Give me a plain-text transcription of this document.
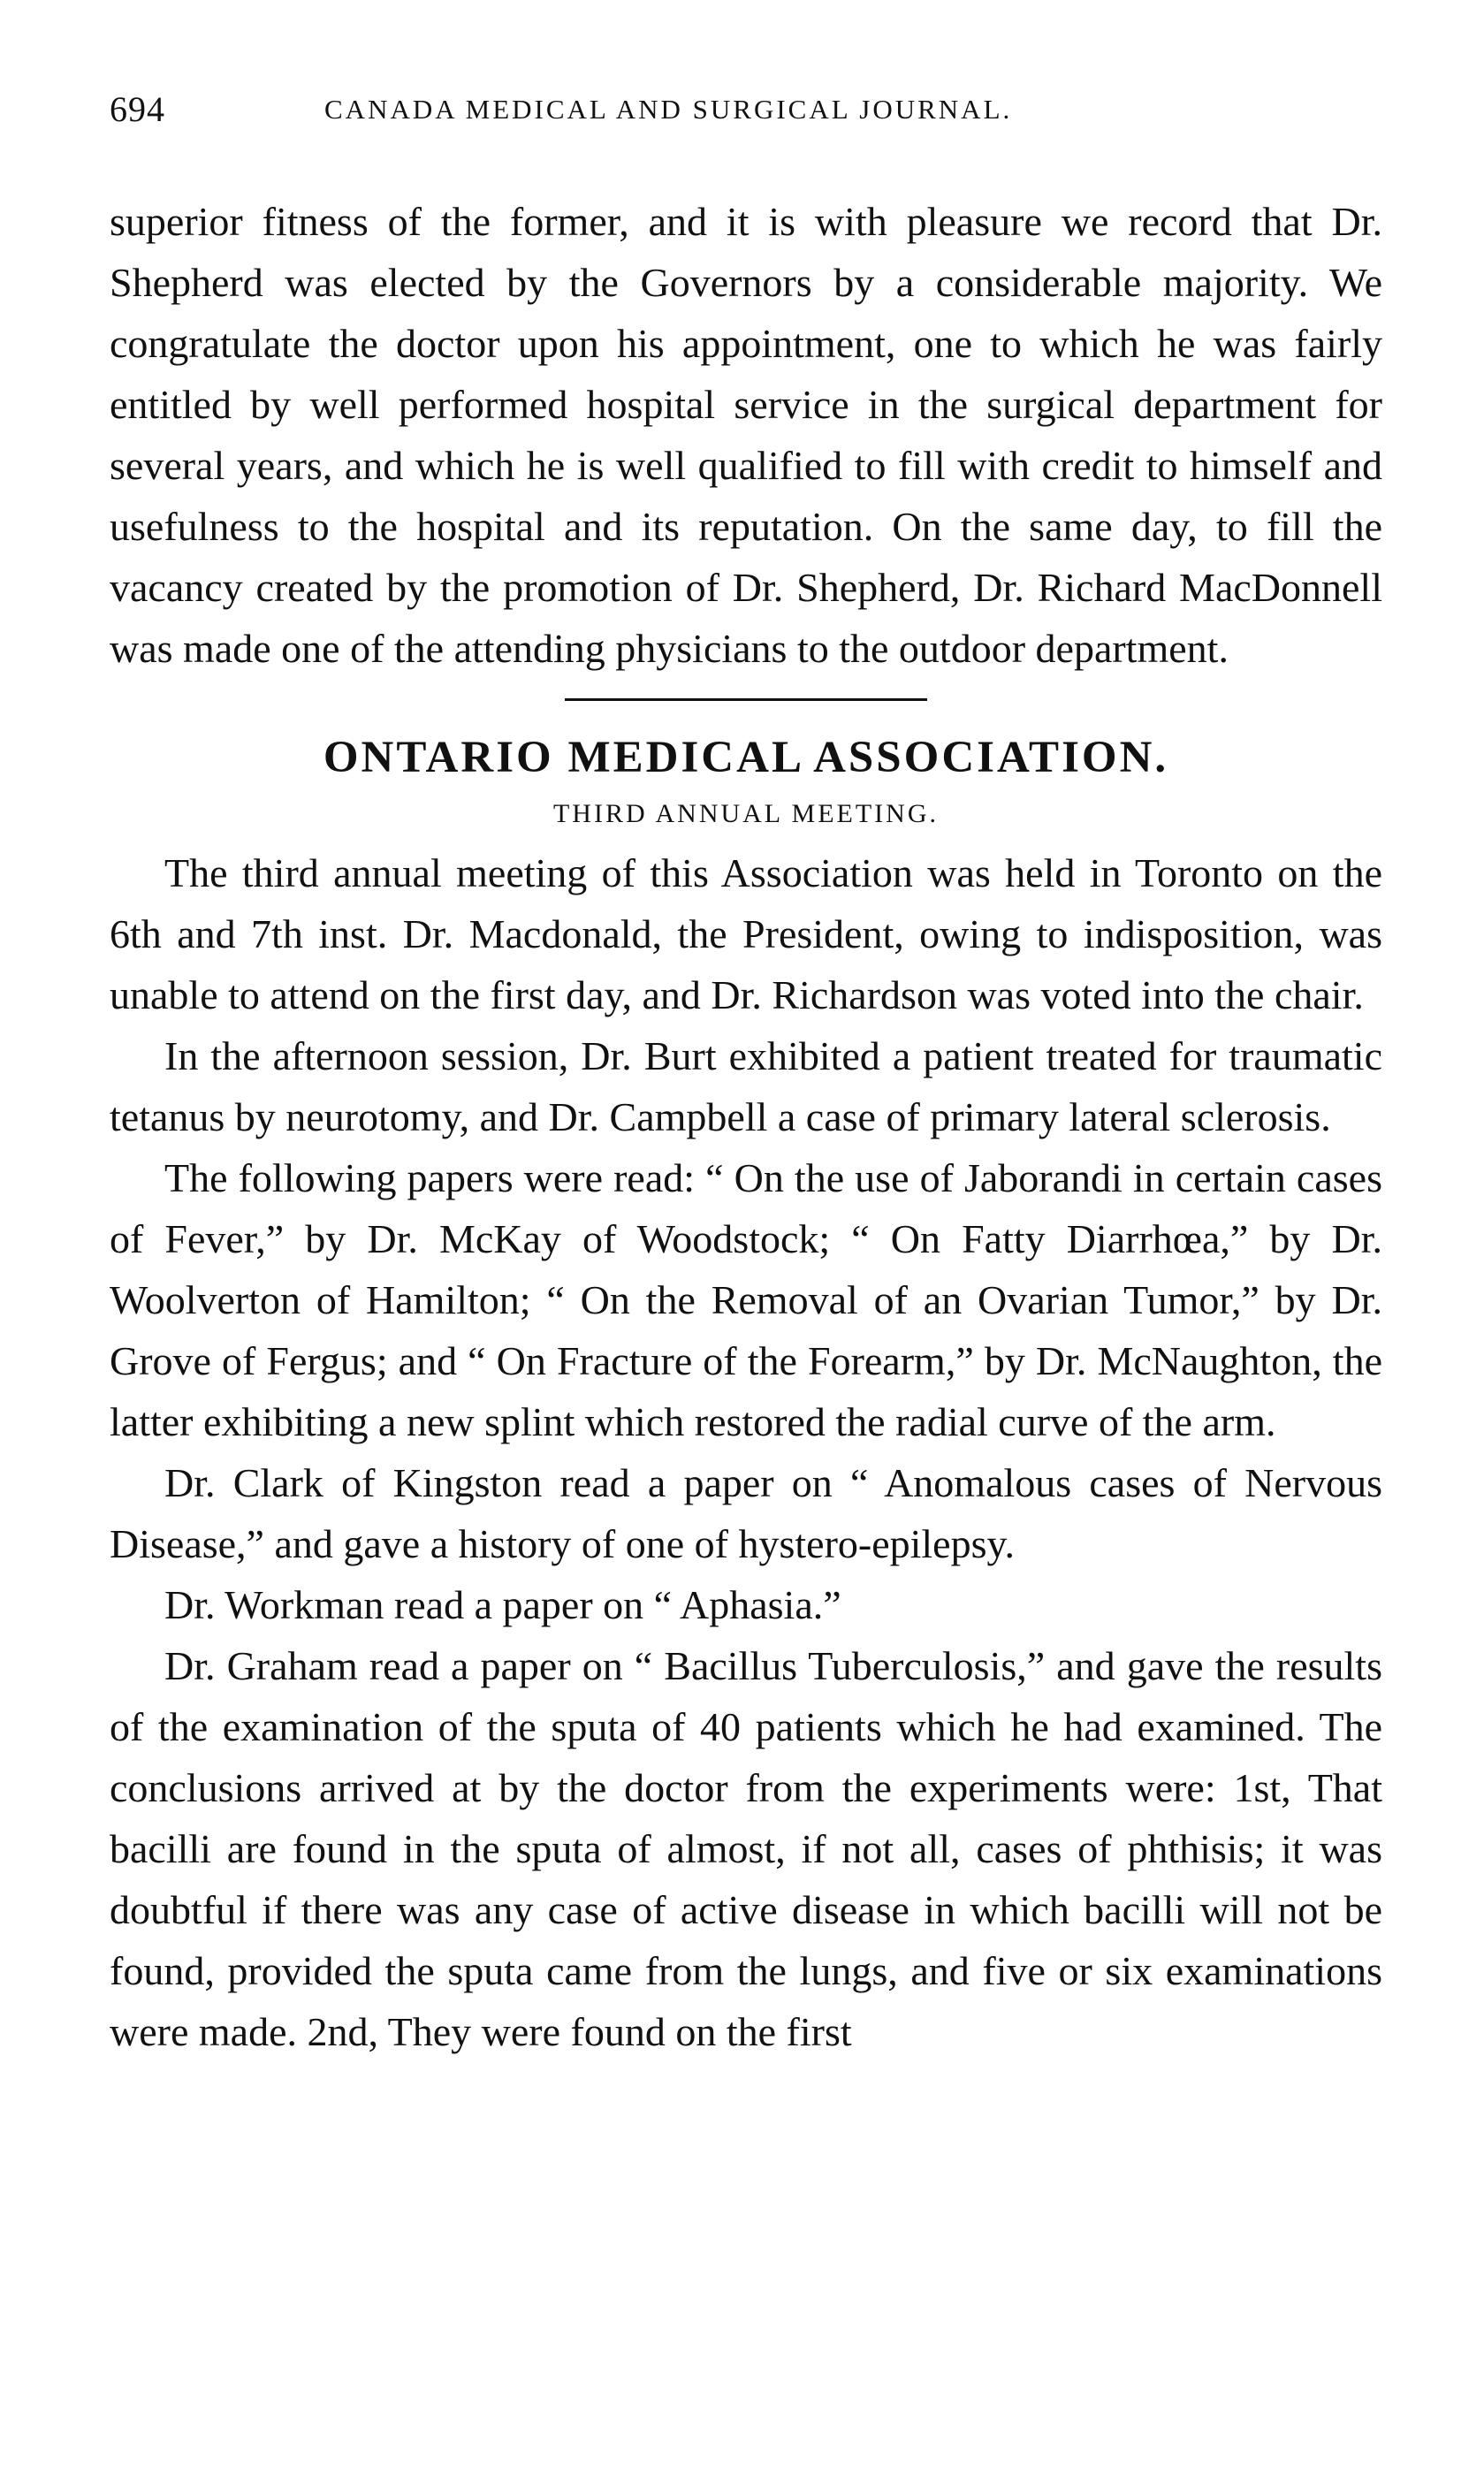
694	CANADA MEDICAL AND SURGICAL JOURNAL.

superior fitness of the former, and it is with pleasure we record that Dr. Shepherd was elected by the Governors by a considerable majority. We congratulate the doctor upon his appointment, one to which he was fairly entitled by well performed hospital service in the surgical department for several years, and which he is well qualified to fill with credit to himself and usefulness to the hospital and its reputation. On the same day, to fill the vacancy created by the promotion of Dr. Shepherd, Dr. Richard MacDonnell was made one of the attending physicians to the outdoor department.

ONTARIO MEDICAL ASSOCIATION.
THIRD ANNUAL MEETING.

The third annual meeting of this Association was held in Toronto on the 6th and 7th inst. Dr. Macdonald, the President, owing to indisposition, was unable to attend on the first day, and Dr. Richardson was voted into the chair.

In the afternoon session, Dr. Burt exhibited a patient treated for traumatic tetanus by neurotomy, and Dr. Campbell a case of primary lateral sclerosis.

The following papers were read: “ On the use of Jaborandi in certain cases of Fever,” by Dr. McKay of Woodstock; “ On Fatty Diarrhœa,” by Dr. Woolverton of Hamilton; “ On the Removal of an Ovarian Tumor,” by Dr. Grove of Fergus; and “ On Fracture of the Forearm,” by Dr. McNaughton, the latter exhibiting a new splint which restored the radial curve of the arm.

Dr. Clark of Kingston read a paper on “ Anomalous cases of Nervous Disease,” and gave a history of one of hystero-epilepsy.

Dr. Workman read a paper on “ Aphasia.”

Dr. Graham read a paper on “ Bacillus Tuberculosis,” and gave the results of the examination of the sputa of 40 patients which he had examined. The conclusions arrived at by the doctor from the experiments were: 1st, That bacilli are found in the sputa of almost, if not all, cases of phthisis; it was doubtful if there was any case of active disease in which bacilli will not be found, provided the sputa came from the lungs, and five or six examinations were made. 2nd, They were found on the first
